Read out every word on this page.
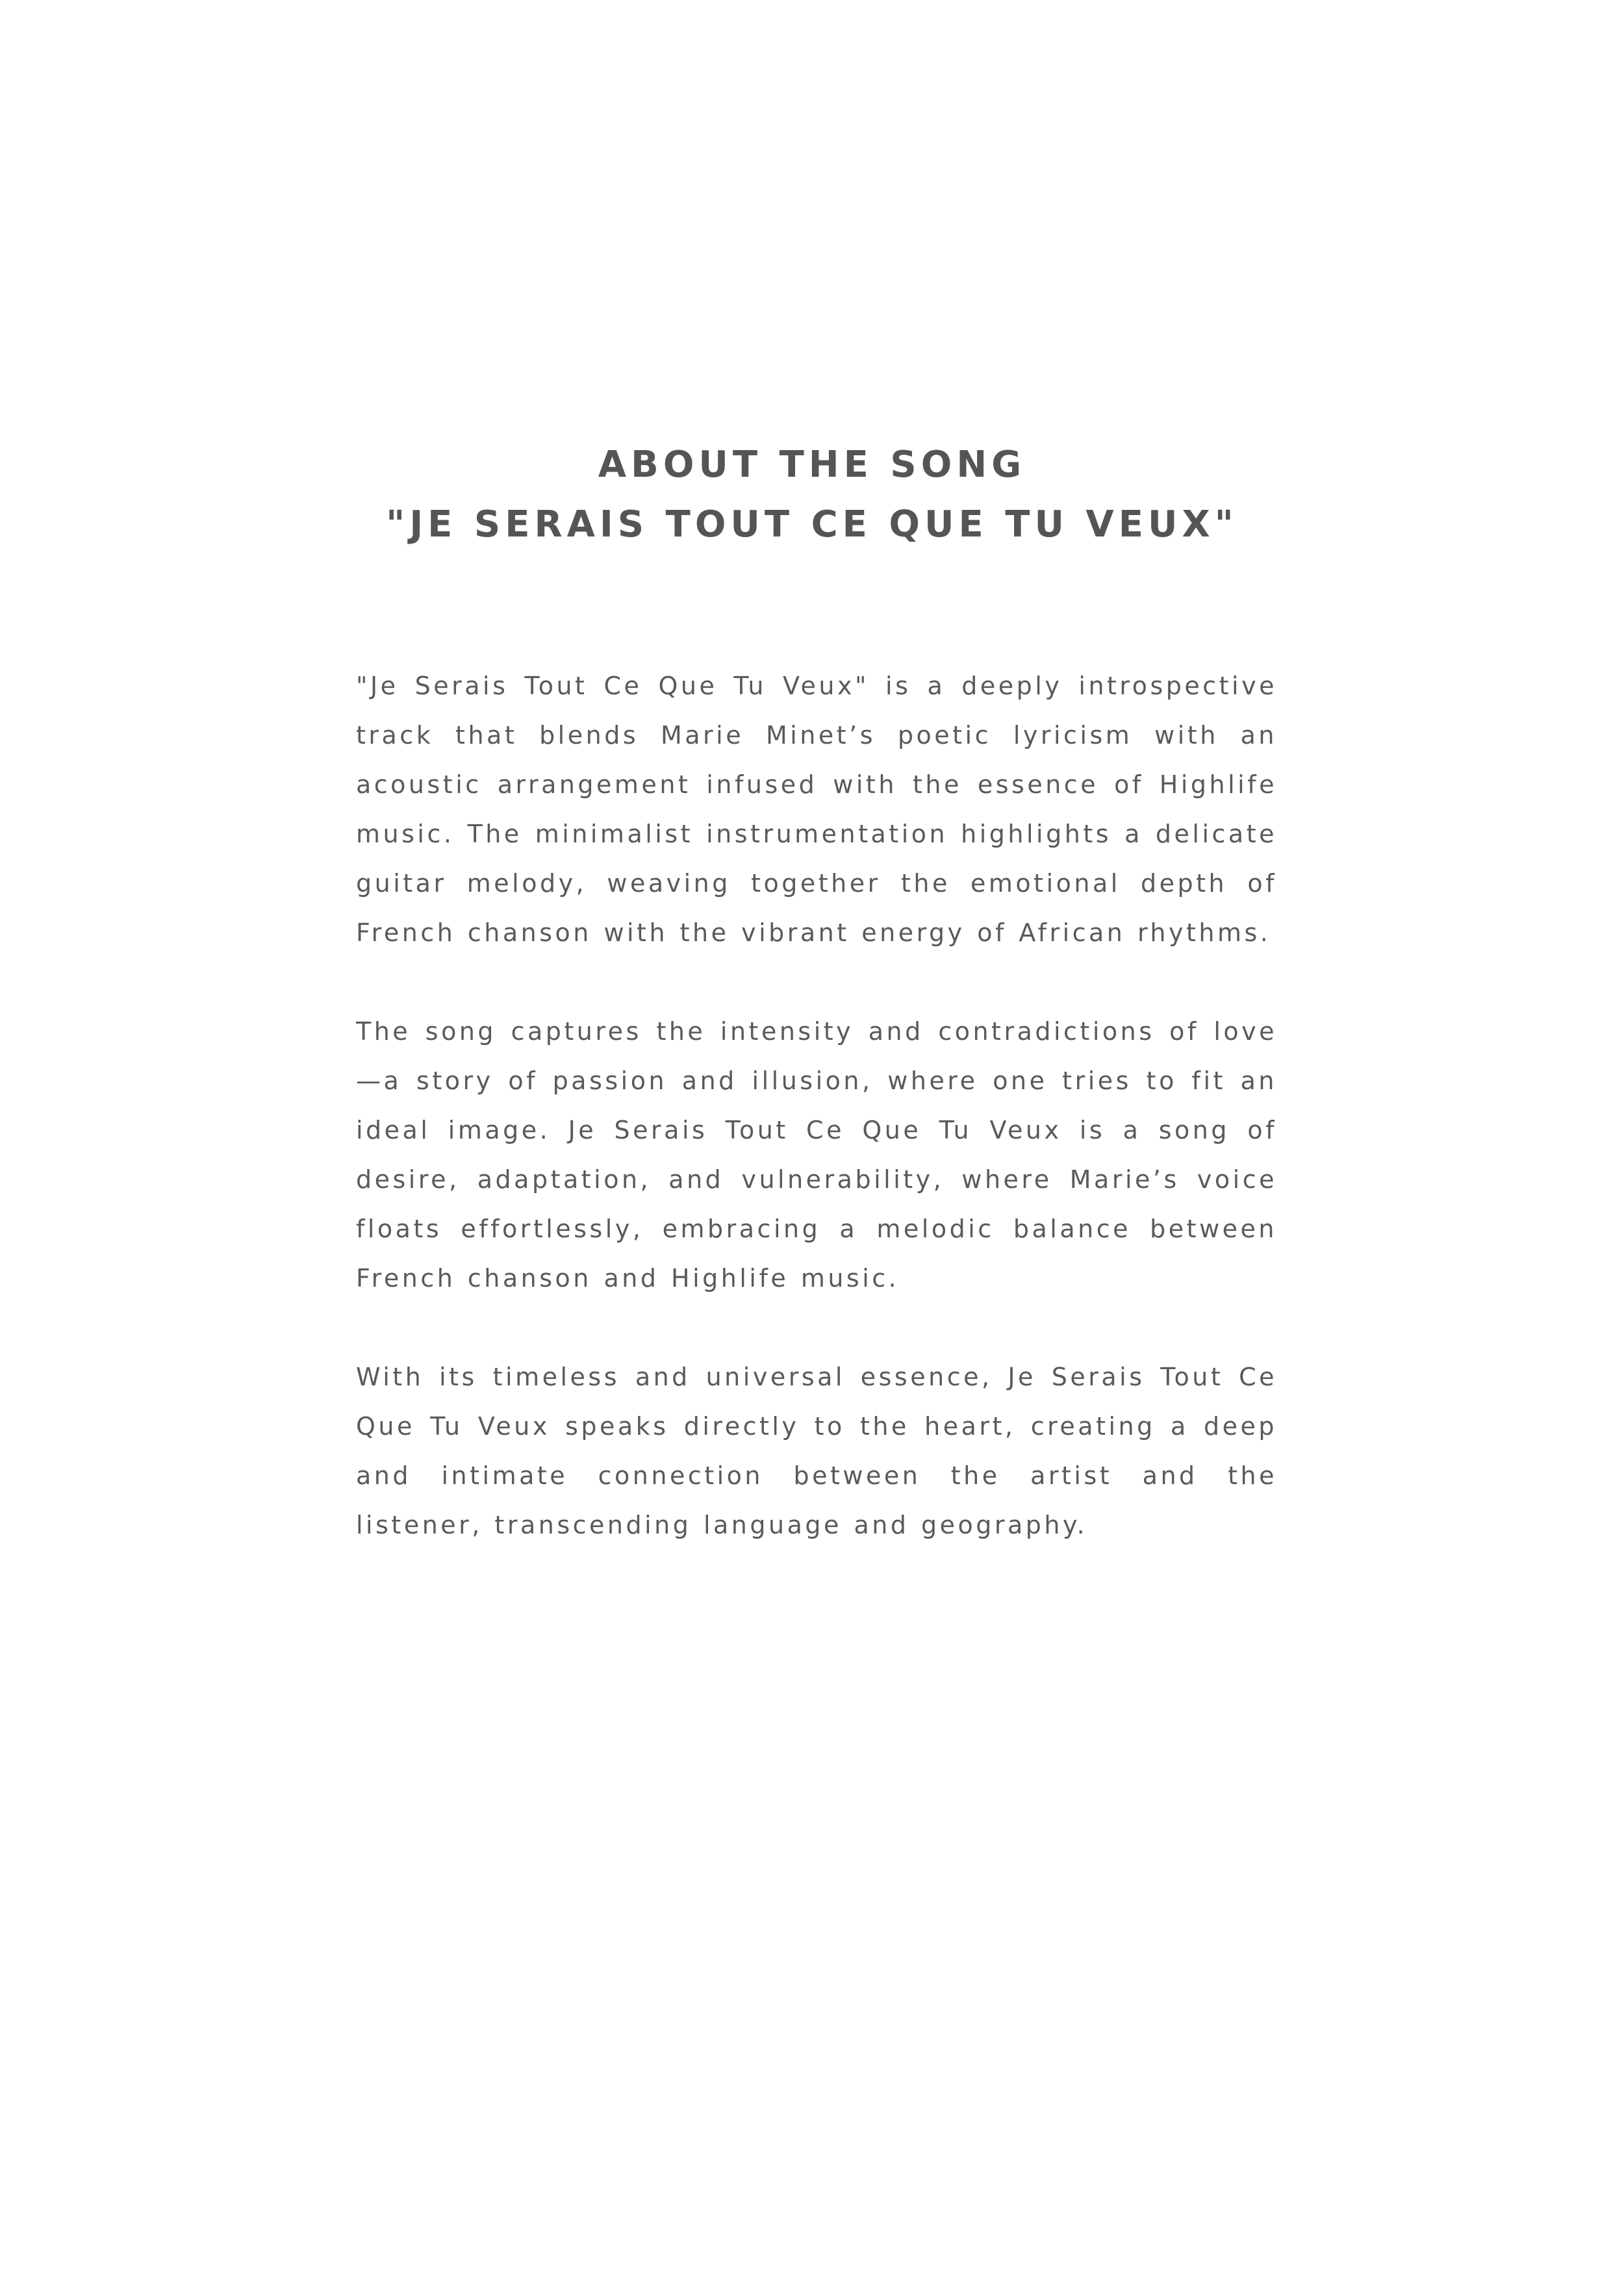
ABOUT THE SONG
"JE SERAIS TOUT CE QUE TU VEUX"

"Je Serais Tout Ce Que Tu Veux" is a deeply introspective track that blends Marie Minet’s poetic lyricism with an acoustic arrangement infused with the essence of Highlife music. The minimalist instrumentation highlights a delicate guitar melody, weaving together the emotional depth of French chanson with the vibrant energy of African rhythms.

The song captures the intensity and contradictions of love —a story of passion and illusion, where one tries to fit an ideal image. Je Serais Tout Ce Que Tu Veux is a song of desire, adaptation, and vulnerability, where Marie’s voice floats effortlessly, embracing a melodic balance between French chanson and Highlife music.

With its timeless and universal essence, Je Serais Tout Ce Que Tu Veux speaks directly to the heart, creating a deep and intimate connection between the artist and the listener, transcending language and geography.
